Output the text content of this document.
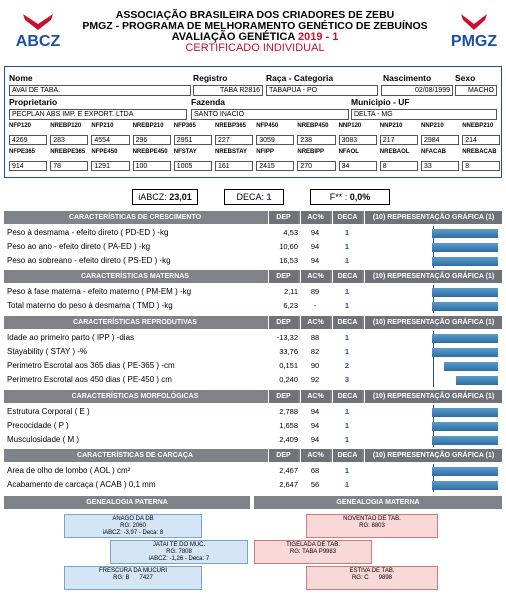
ABCZ	PMGZ
ASSOCIAÇÃO BRASILEIRA DOS CRIADORES DE ZEBU
PMGZ - PROGRAMA DE MELHORAMENTO GENÉTICO DE ZEBUÍNOS
AVALIAÇÃO GENÉTICA 2019 - 1
CERTIFICADO INDIVIDUAL
Nome
AVAI DE TABA.
Registro
TABA R2816
Raça - Categoria
TABAPUA - PO
Nascimento
02/08/1999
Sexo
MACHO
Proprietario
PECPLAN ABS IMP. E EXPORT. LTDA
Fazenda
SANTO INACIO
Municipio - UF
DELTA - MG
NFP120
4269
NREBP120
283
NFP210
4554
NREBP210
296
NFP365
2951
NREBP365
227
NFP450
3059
NREBP450
238
NNP120
3083
NNP210
217
NNP210
2984
NNEBP210
214
NFPE365
914
NREBPE365
78
NFPE450
1291
NREBPE450
100
NFSTAY
1005
NREBSTAY
161
NFIPP
2415
NREBIPP
270
NFAOL
34
NREBAOL
8
NFACAB
33
NREBACAB
8
iABCZ:
23,01	DECA:
1	F** :
0,0%
CARACTERÍSTICAS DE CRESCIMENTO	DEP	AC%	DECA	(10) REPRESENTAÇÃO GRÁFICA (1)
Peso à desmama - efeito direto ( PD-ED ) -kg	4,53	94	1
Peso ao ano - efeito direto ( PA-ED ) -kg	10,60	94	1
Peso ao sobreano - efeito direto ( PS-ED ) -kg	16,53	94	1
CARACTERÍSTICAS MATERNAS	DEP	AC%	DECA	(10) REPRESENTAÇÃO GRÁFICA (1)
Peso à fase materna - efeito materno ( PM-EM ) -kg	2,11	89	1
Total materno do peso à desmama ( TMD ) -kg	6,23	-	1
CARACTERÍSTICAS REPRODUTIVAS	DEP	AC%	DECA	(10) REPRESENTAÇÃO GRÁFICA (1)
Idade ao primeiro parto ( IPP ) -dias	-13,32	88	1
Stayability ( STAY ) -%	33,76	82	1
Perimetro Escrotal aos 365 dias ( PE-365 ) -cm	0,151	90	2
Perimetro Escrotal aos 450 dias ( PE-450 ) cm	0,240	92	3
CARACTERÍSTICAS MORFOLÓGICAS	DEP	AC%	DECA	(10) REPRESENTAÇÃO GRÁFICA (1)
Estrutura Corporal ( E )	2,788	94	1
Precocidade ( P )	1,658	94	1
Musculosidade ( M )	2,409	94	1
CARACTERÍSTICAS DE CARCAÇA	DEP	AC%	DECA	(10) REPRESENTAÇÃO GRÁFICA (1)
Area de olho de lombo ( AOL ) cm²	2,467	68	1
Acabamento de carcaça ( ACAB ) 0,1 mm	2,647	56	1
GENEALOGIA PATERNA	GENEALOGIA MATERNA
ANAGO DA DB
RG: 2060
iABCZ: -3,97 - Deca: 8
JATAI TE DO MUC.
RG: 7808
iABCZ: -1,26 - Deca: 7
FRESCURA DA MUCURI
RG: B 7427
NOVENTAO DE TAB.
RG: 8803
TIGELADA DE TAB.
RG: TABA P9983
ESTIVA DE TAB.
RG: C 9898
